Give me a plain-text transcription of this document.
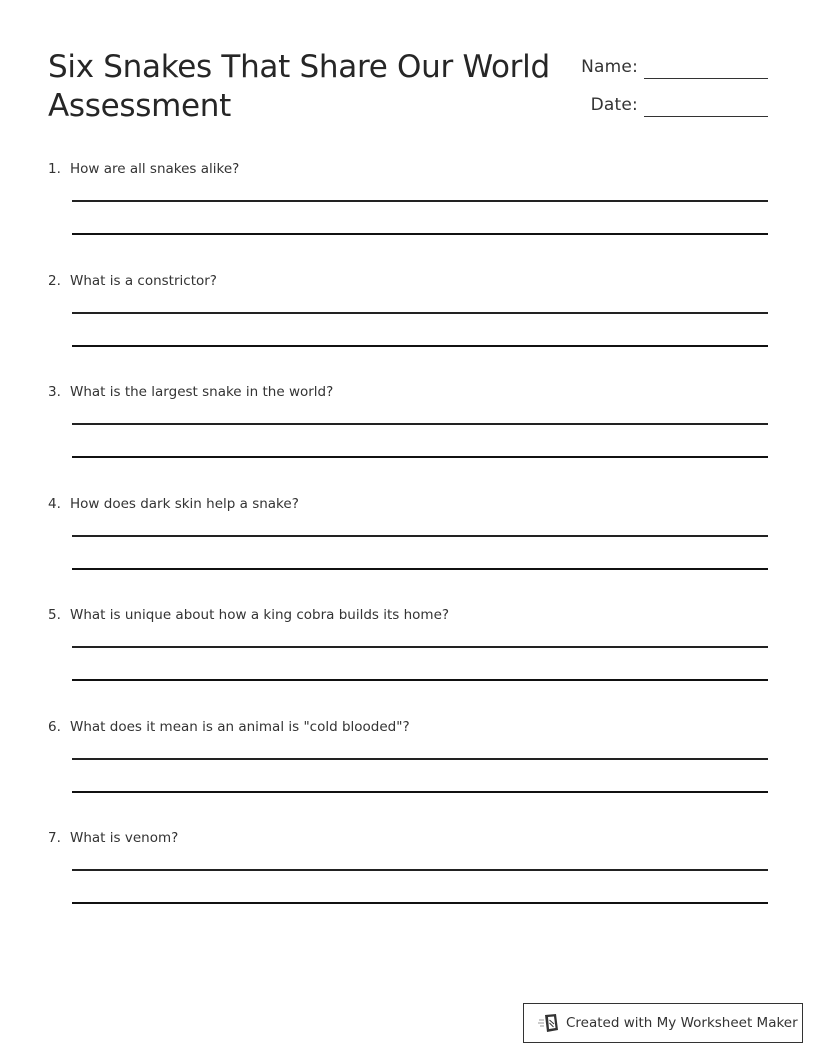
Six Snakes That Share Our World
Assessment
Name:
Date:
1. How are all snakes alike?
2. What is a constrictor?
3. What is the largest snake in the world?
4. How does dark skin help a snake?
5. What is unique about how a king cobra builds its home?
6. What does it mean is an animal is "cold blooded"?
7. What is venom?
Created with My Worksheet Maker
